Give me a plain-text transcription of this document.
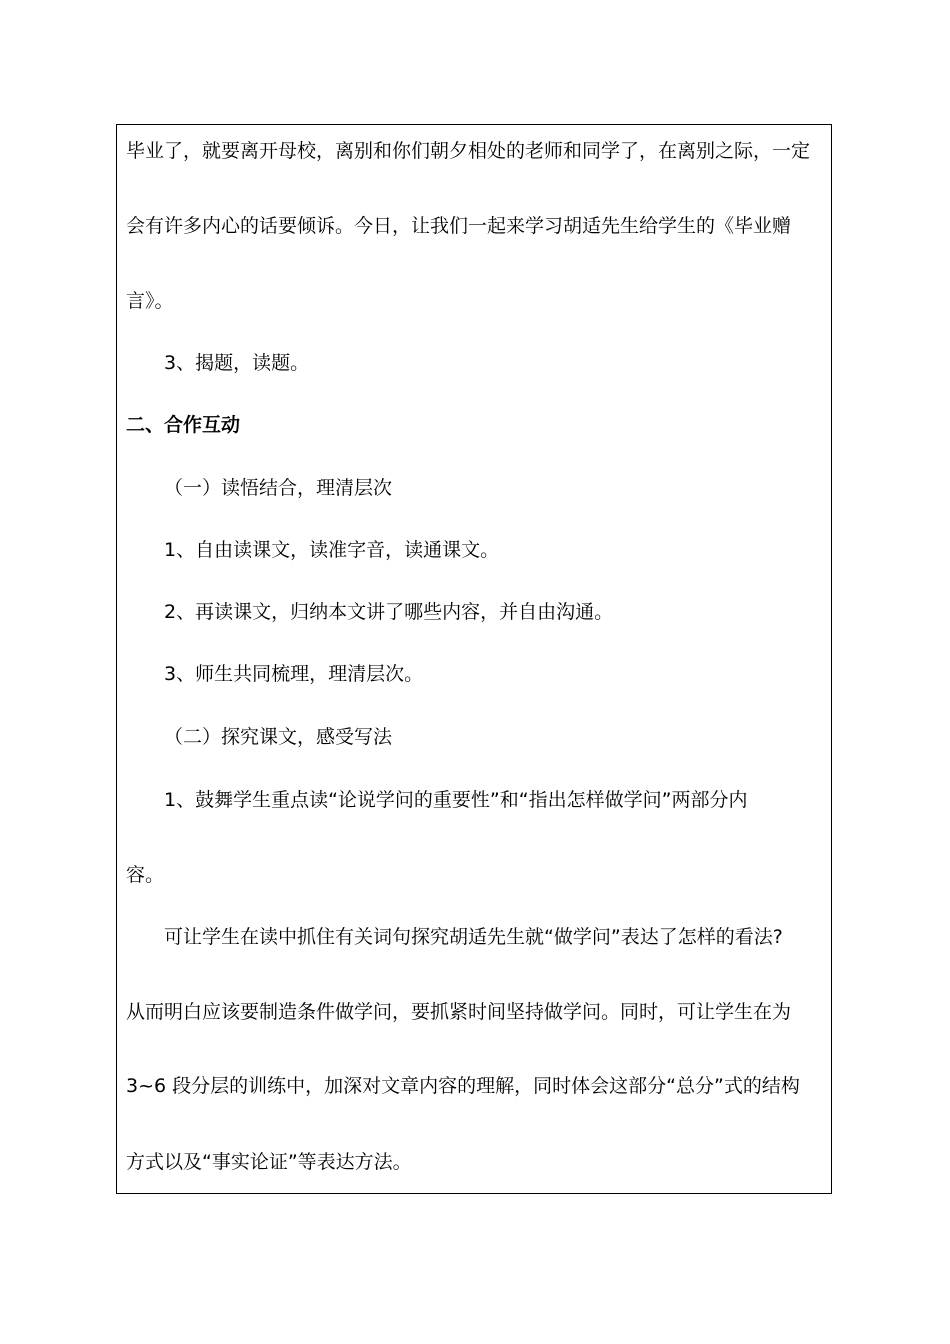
毕业了，就要离开母校，离别和你们朝夕相处的老师和同学了，在离别之际，一定
会有许多内心的话要倾诉。今日，让我们一起来学习胡适先生给学生的《毕业赠
言》。
3、揭题，读题。
二、合作互动
（一）读悟结合，理清层次
1、自由读课文，读准字音，读通课文。
2、再读课文，归纳本文讲了哪些内容，并自由沟通。
3、师生共同梳理，理清层次。
（二）探究课文，感受写法
1、鼓舞学生重点读“论说学问的重要性”和“指出怎样做学问”两部分内
容。
可让学生在读中抓住有关词句探究胡适先生就“做学问”表达了怎样的看法?
从而明白应该要制造条件做学问，要抓紧时间坚持做学问。同时，可让学生在为
3~6 段分层的训练中，加深对文章内容的理解，同时体会这部分“总分”式的结构
方式以及“事实论证”等表达方法。
